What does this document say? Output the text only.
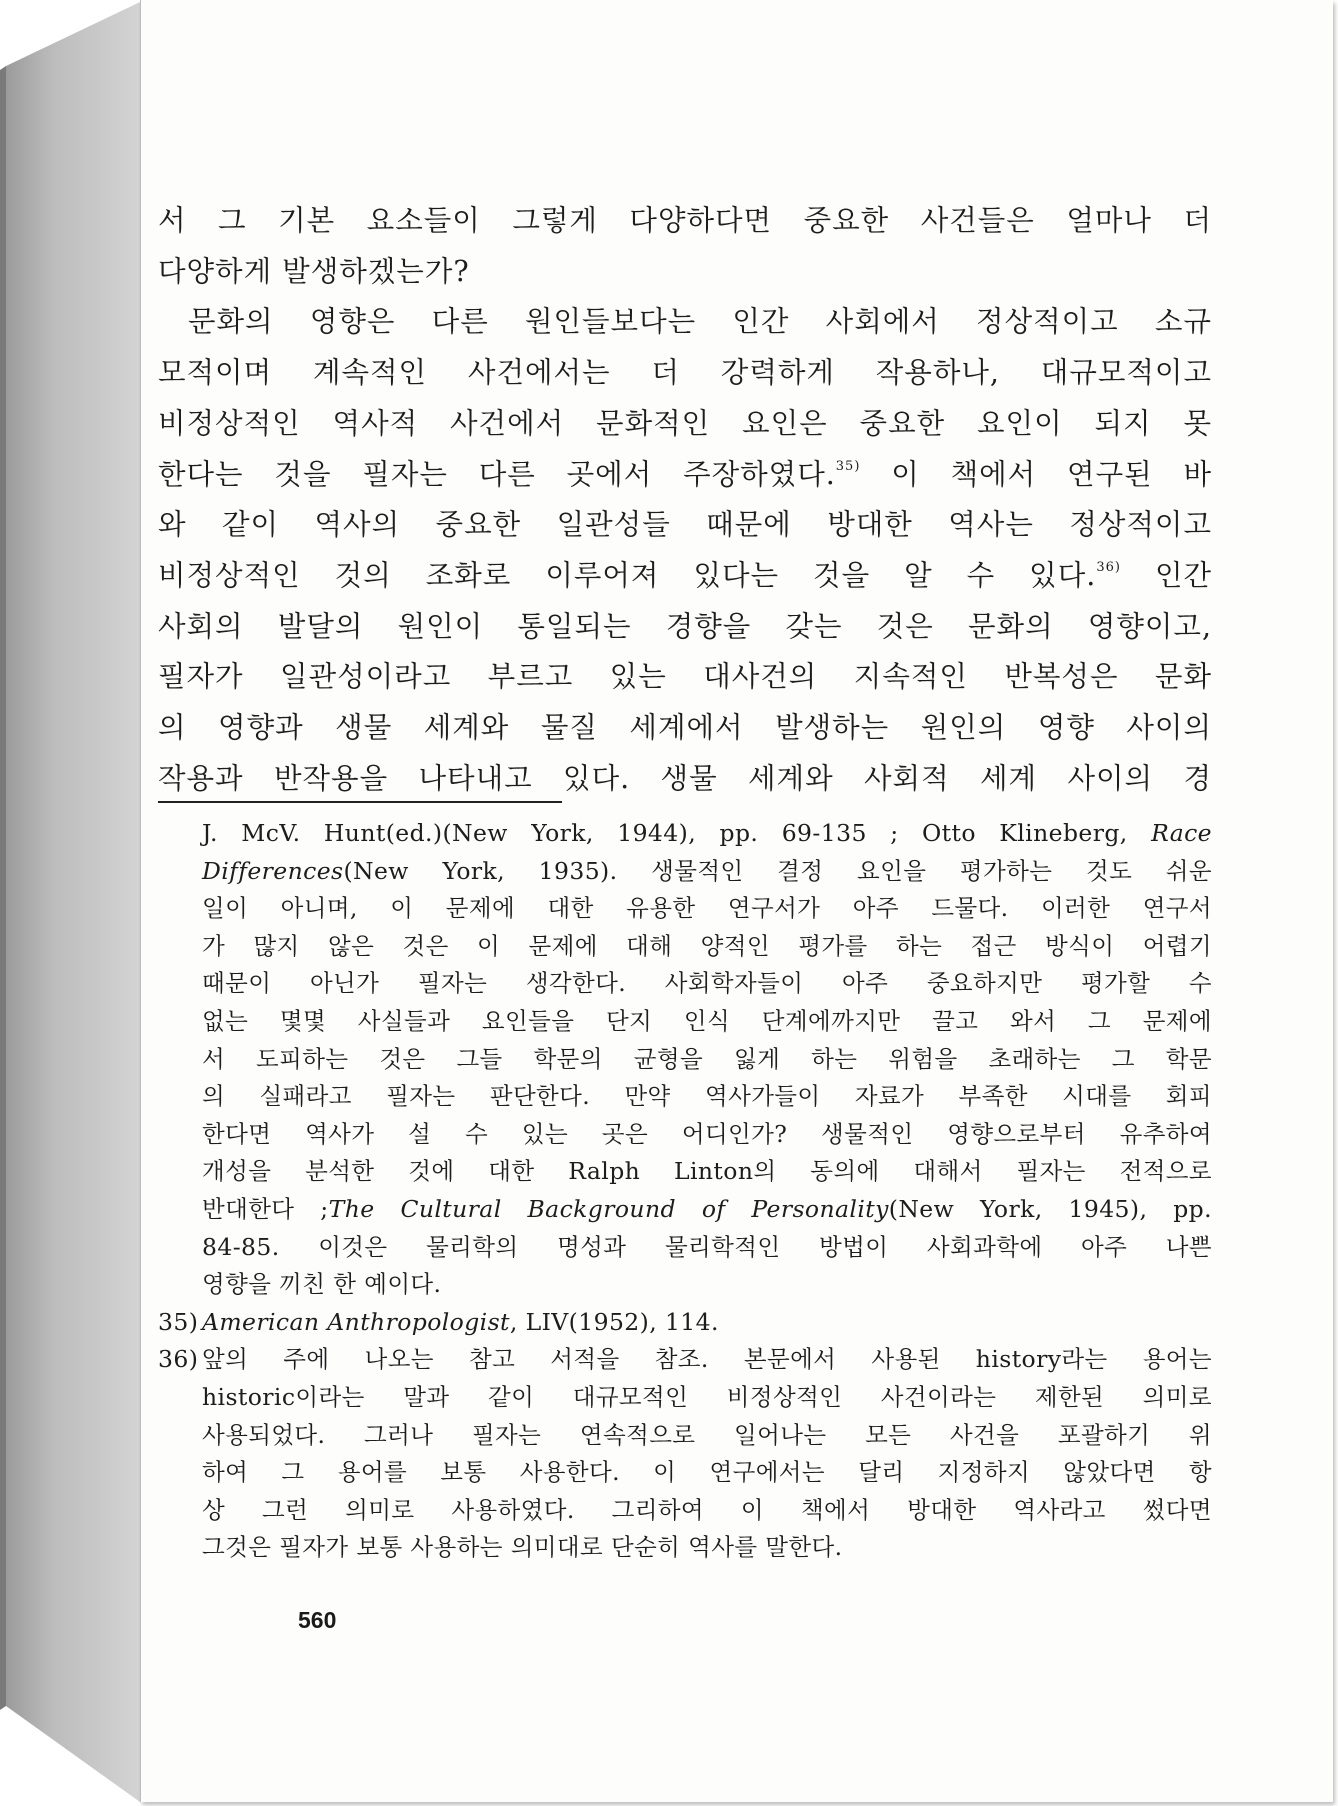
서 그 기본 요소들이 그렇게 다양하다면 중요한 사건들은 얼마나 더
다양하게 발생하겠는가?

문화의 영향은 다른 원인들보다는 인간 사회에서 정상적이고 소규
모적이며 계속적인 사건에서는 더 강력하게 작용하나, 대규모적이고
비정상적인 역사적 사건에서 문화적인 요인은 중요한 요인이 되지 못
한다는 것을 필자는 다른 곳에서 주장하였다.$^{35)}$ 이 책에서 연구된 바
와 같이 역사의 중요한 일관성들 때문에 방대한 역사는 정상적이고
비정상적인 것의 조화로 이루어져 있다는 것을 알 수 있다.$^{36)}$ 인간
사회의 발달의 원인이 통일되는 경향을 갖는 것은 문화의 영향이고,
필자가 일관성이라고 부르고 있는 대사건의 지속적인 반복성은 문화
의 영향과 생물 세계와 물질 세계에서 발생하는 원인의 영향 사이의
작용과 반작용을 나타내고 있다. 생물 세계와 사회적 세계 사이의 경

J. McV. Hunt(ed.)(New York, 1944), pp. 69-135 ; Otto Klineberg, Race
Differences(New York, 1935). 생물적인 결정 요인을 평가하는 것도 쉬운
일이 아니며, 이 문제에 대한 유용한 연구서가 아주 드물다. 이러한 연구서
가 많지 않은 것은 이 문제에 대해 양적인 평가를 하는 접근 방식이 어렵기
때문이 아닌가 필자는 생각한다. 사회학자들이 아주 중요하지만 평가할 수
없는 몇몇 사실들과 요인들을 단지 인식 단계에까지만 끌고 와서 그 문제에
서 도피하는 것은 그들 학문의 균형을 잃게 하는 위험을 초래하는 그 학문
의 실패라고 필자는 판단한다. 만약 역사가들이 자료가 부족한 시대를 회피
한다면 역사가 설 수 있는 곳은 어디인가? 생물적인 영향으로부터 유추하여
개성을 분석한 것에 대한 Ralph Linton의 동의에 대해서 필자는 전적으로
반대한다 ;The Cultural Background of Personality(New York, 1945), pp.
84-85. 이것은 물리학의 명성과 물리학적인 방법이 사회과학에 아주 나쁜
영향을 끼친 한 예이다.
35) American Anthropologist, LIV(1952), 114.
36) 앞의 주에 나오는 참고 서적을 참조. 본문에서 사용된 history라는 용어는
historic이라는 말과 같이 대규모적인 비정상적인 사건이라는 제한된 의미로
사용되었다. 그러나 필자는 연속적으로 일어나는 모든 사건을 포괄하기 위
하여 그 용어를 보통 사용한다. 이 연구에서는 달리 지정하지 않았다면 항
상 그런 의미로 사용하였다. 그리하여 이 책에서 방대한 역사라고 썼다면
그것은 필자가 보통 사용하는 의미대로 단순히 역사를 말한다.
560
